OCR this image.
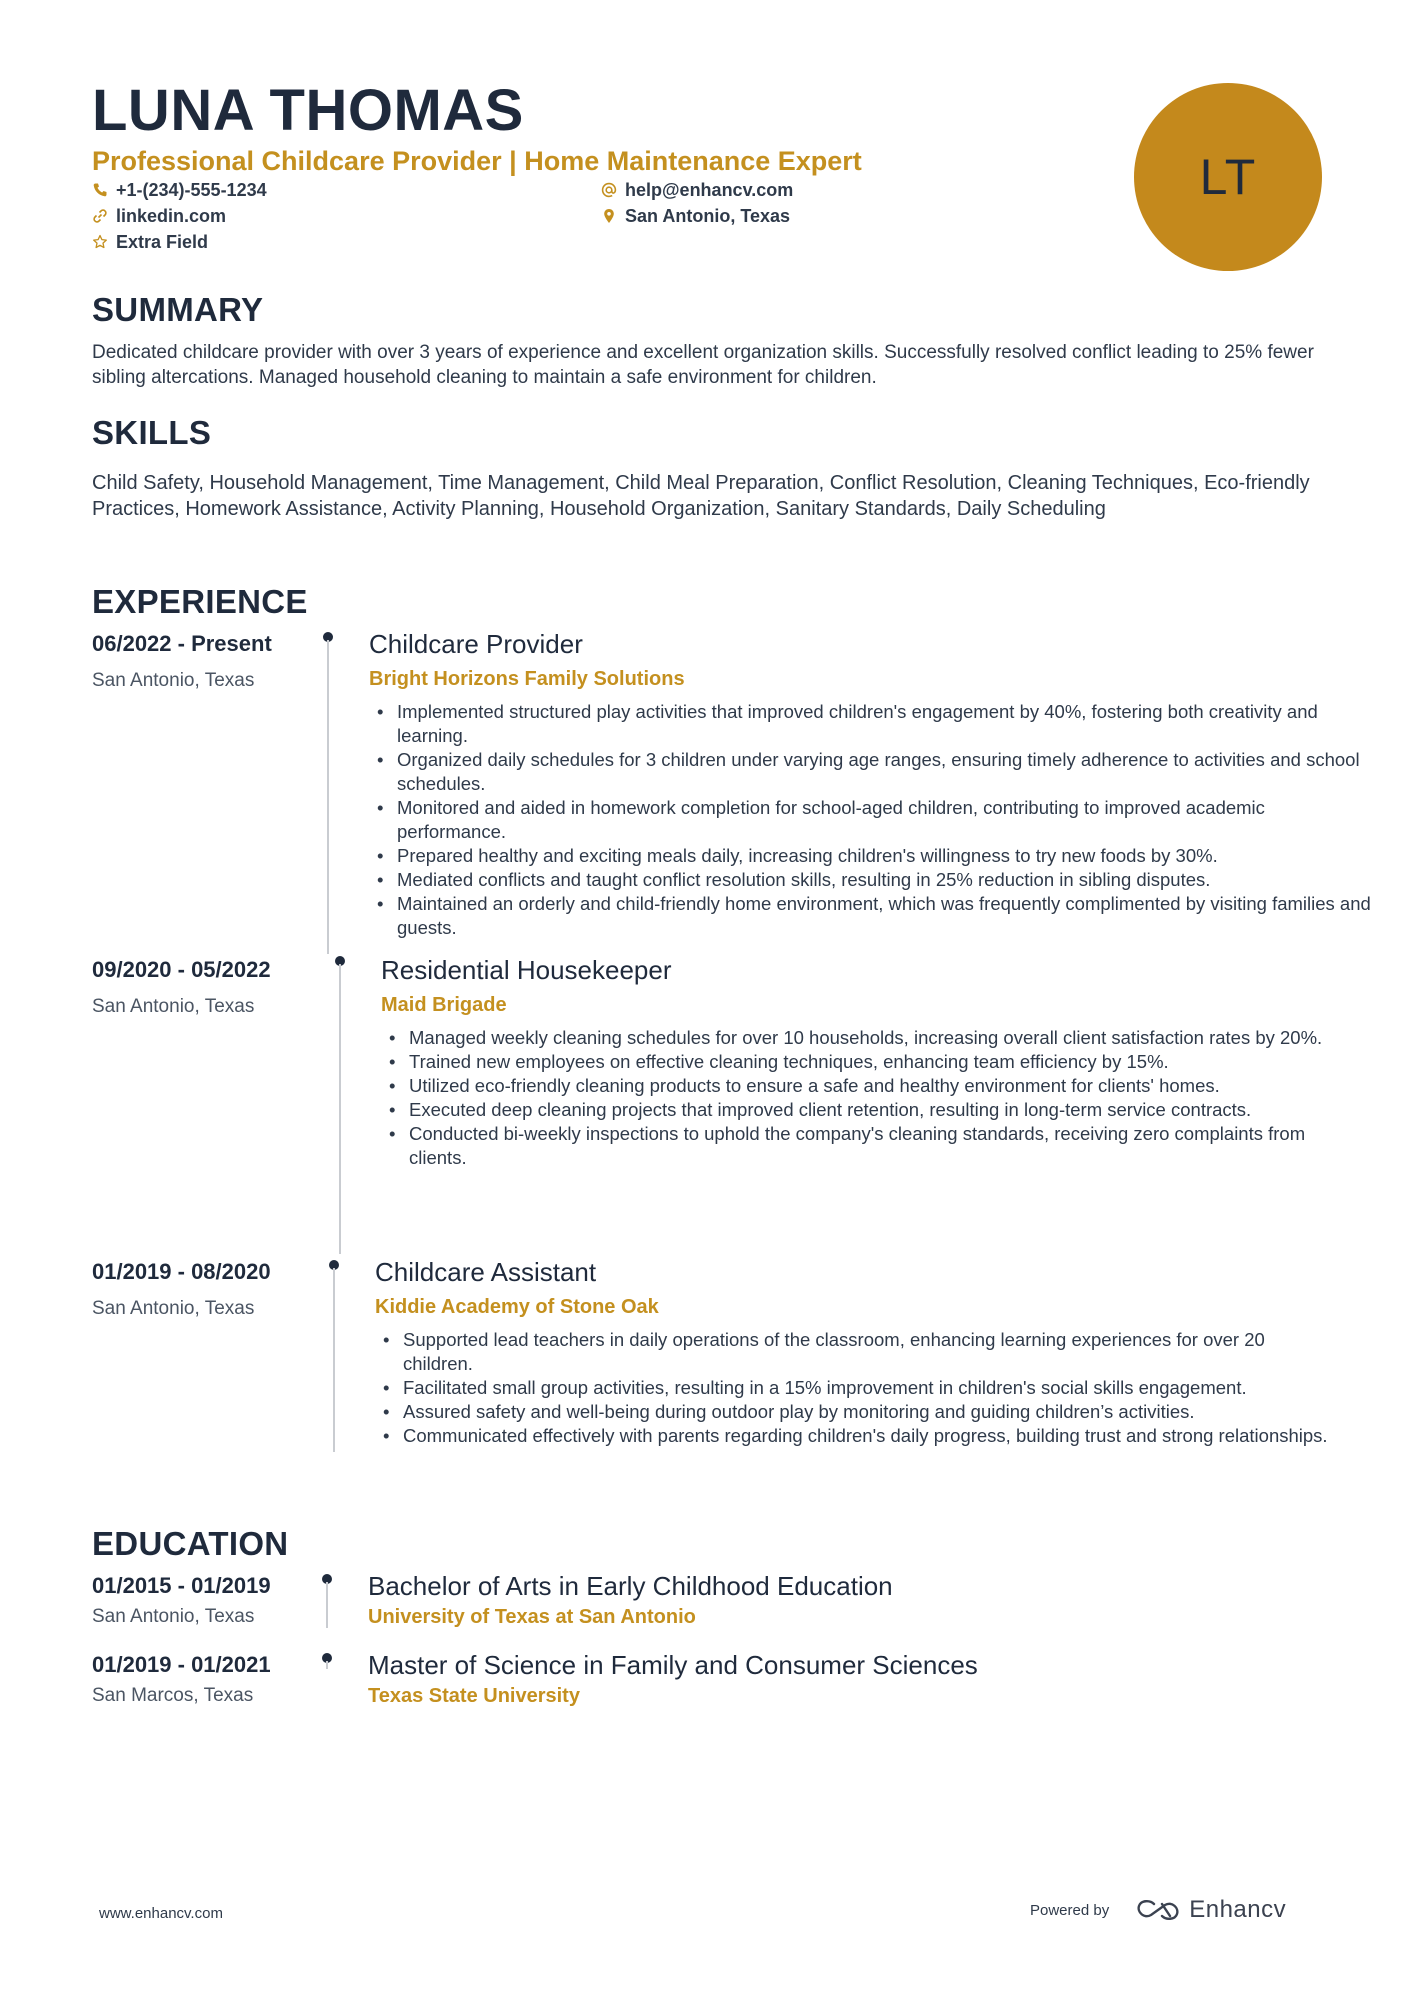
LUNA THOMAS
Professional Childcare Provider | Home Maintenance Expert
+1-(234)-555-1234	help@enhancv.com
linkedin.com	San Antonio, Texas
Extra Field
LT
SUMMARY
Dedicated childcare provider with over 3 years of experience and excellent organization skills. Successfully resolved conflict leading to 25% fewer sibling altercations. Managed household cleaning to maintain a safe environment for children.
SKILLS
Child Safety, Household Management, Time Management, Child Meal Preparation, Conflict Resolution, Cleaning Techniques, Eco-friendly Practices, Homework Assistance, Activity Planning, Household Organization, Sanitary Standards, Daily Scheduling
EXPERIENCE
06/2022 - Present
San Antonio, Texas
Childcare Provider
Bright Horizons Family Solutions
• Implemented structured play activities that improved children's engagement by 40%, fostering both creativity and learning.
• Organized daily schedules for 3 children under varying age ranges, ensuring timely adherence to activities and school schedules.
• Monitored and aided in homework completion for school-aged children, contributing to improved academic performance.
• Prepared healthy and exciting meals daily, increasing children's willingness to try new foods by 30%.
• Mediated conflicts and taught conflict resolution skills, resulting in 25% reduction in sibling disputes.
• Maintained an orderly and child-friendly home environment, which was frequently complimented by visiting families and guests.
09/2020 - 05/2022
San Antonio, Texas
Residential Housekeeper
Maid Brigade
• Managed weekly cleaning schedules for over 10 households, increasing overall client satisfaction rates by 20%.
• Trained new employees on effective cleaning techniques, enhancing team efficiency by 15%.
• Utilized eco-friendly cleaning products to ensure a safe and healthy environment for clients' homes.
• Executed deep cleaning projects that improved client retention, resulting in long-term service contracts.
• Conducted bi-weekly inspections to uphold the company's cleaning standards, receiving zero complaints from clients.
01/2019 - 08/2020
San Antonio, Texas
Childcare Assistant
Kiddie Academy of Stone Oak
• Supported lead teachers in daily operations of the classroom, enhancing learning experiences for over 20 children.
• Facilitated small group activities, resulting in a 15% improvement in children's social skills engagement.
• Assured safety and well-being during outdoor play by monitoring and guiding children’s activities.
• Communicated effectively with parents regarding children's daily progress, building trust and strong relationships.
EDUCATION
01/2015 - 01/2019
San Antonio, Texas
Bachelor of Arts in Early Childhood Education
University of Texas at San Antonio
01/2019 - 01/2021
San Marcos, Texas
Master of Science in Family and Consumer Sciences
Texas State University
www.enhancv.com	Powered by	Enhancv
